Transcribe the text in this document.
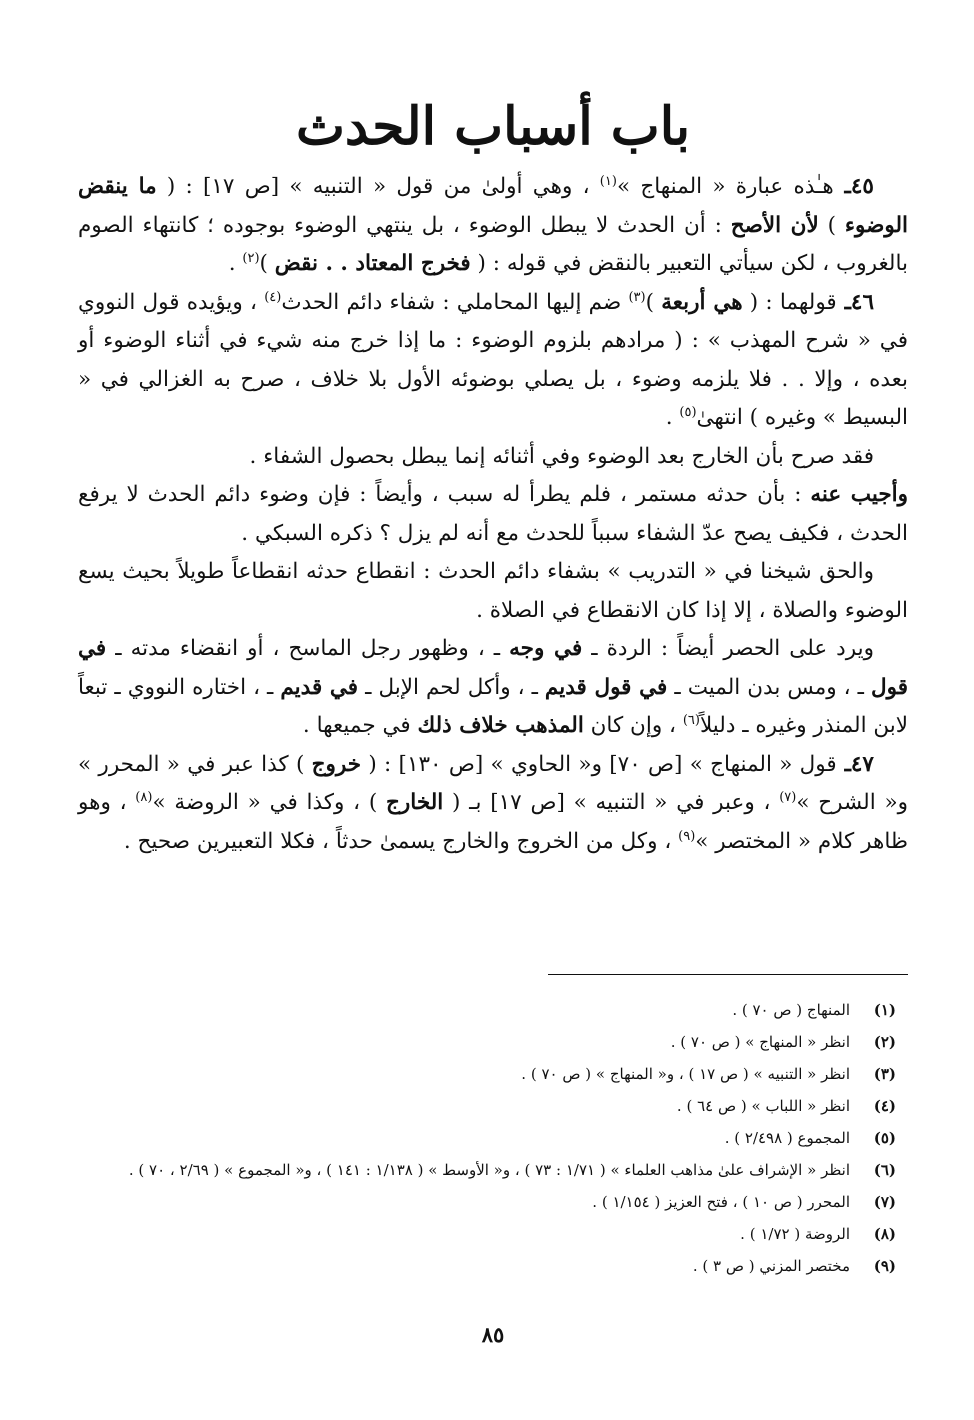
باب أسباب الحدث

٤٥ـ هـٰذه عبارة « المنهاج »$^{(١)}$ ، وهي أولىٰ من قول « التنبيه » [ص ١٧] : ( ما ينقض الوضوء ) لأن الأصح : أن الحدث لا يبطل الوضوء ، بل ينتهي الوضوء بوجوده ؛ كانتهاء الصوم بالغروب ، لكن سيأتي التعبير بالنقض في قوله : ( فخرج المعتاد . . نقض )$^{(٢)}$ .

٤٦ـ قولهما : ( هي أربعة )$^{(٣)}$ ضم إليها المحاملي : شفاء دائم الحدث$^{(٤)}$ ، ويؤيده قول النووي في « شرح المهذب » : ( مرادهم بلزوم الوضوء : ما إذا خرج منه شيء في أثناء الوضوء أو بعده ، وإلا . . فلا يلزمه وضوء ، بل يصلي بوضوئه الأول بلا خلاف ، صرح به الغزالي في « البسيط » وغيره ) انتهىٰ$^{(٥)}$ .

فقد صرح بأن الخارج بعد الوضوء وفي أثنائه إنما يبطل بحصول الشفاء .

وأجيب عنه : بأن حدثه مستمر ، فلم يطرأ له سبب ، وأيضاً : فإن وضوء دائم الحدث لا يرفع الحدث ، فكيف يصح عدّ الشفاء سبباً للحدث مع أنه لم يزل ؟ ذكره السبكي .

والحق شيخنا في « التدريب » بشفاء دائم الحدث : انقطاع حدثه انقطاعاً طويلاً بحيث يسع الوضوء والصلاة ، إلا إذا كان الانقطاع في الصلاة .

ويرد على الحصر أيضاً : الردة ـ في وجه ـ ، وظهور رجل الماسح ، أو انقضاء مدته ـ في قول ـ ، ومس بدن الميت ـ في قول قديم ـ ، وأكل لحم الإبل ـ في قديم ـ ، اختاره النووي ـ تبعاً لابن المنذر وغيره ـ دليلاً$^{(٦)}$ ، وإن كان المذهب خلاف ذلك في جميعها .

٤٧ـ قول « المنهاج » [ص ٧٠] و« الحاوي » [ص ١٣٠] : ( خروج ) كذا عبر في « المحرر » و« الشرح »$^{(٧)}$ ، وعبر في « التنبيه » [ص ١٧] بـ ( الخارج ) ، وكذا في « الروضة »$^{(٨)}$ ، وهو ظاهر كلام « المختصر »$^{(٩)}$ ، وكل من الخروج والخارج يسمىٰ حدثاً ، فكلا التعبيرين صحيح .

(١)
المنهاج ( ص ٧٠ ) .
(٢)
انظر « المنهاج » ( ص ٧٠ ) .
(٣)
انظر « التنبيه » ( ص ١٧ ) ، و« المنهاج » ( ص ٧٠ ) .
(٤)
انظر « اللباب » ( ص ٦٤ ) .
(٥)
المجموع ( ٢/٤٩٨ ) .
(٦)
انظر « الإشراف علىٰ مذاهب العلماء » ( ١/٧١ : ٧٣ ) ، و« الأوسط » ( ١/١٣٨ : ١٤١ ) ، و« المجموع » ( ٢/٦٩ ، ٧٠ ) .
(٧)
المحرر ( ص ١٠ ) ، فتح العزيز ( ١/١٥٤ ) .
(٨)
الروضة ( ١/٧٢ ) .
(٩)
مختصر المزني ( ص ٣ ) .
٨٥
